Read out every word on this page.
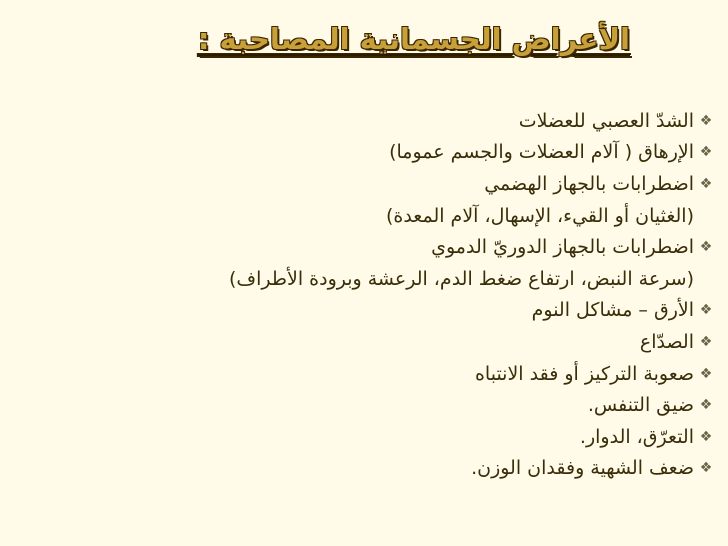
الأعراض الجسمانية المصاحبة :
❖
الشدّ العصبي للعضلات
❖
الإرهاق ( آلام العضلات والجسم عموما)
❖
اضطرابات بالجهاز الهضمي
(الغثيان أو القيء، الإسهال، آلام المعدة)
❖
اضطرابات بالجهاز الدوريّ الدموي
(سرعة النبض، ارتفاع ضغط الدم، الرعشة وبرودة الأطراف)
❖
الأرق – مشاكل النوم
❖
الصدّاع
❖
صعوبة التركيز أو فقد الانتباه
❖
ضيق التنفس.
❖
التعرّق، الدوار.
❖
ضعف الشهية وفقدان الوزن.
